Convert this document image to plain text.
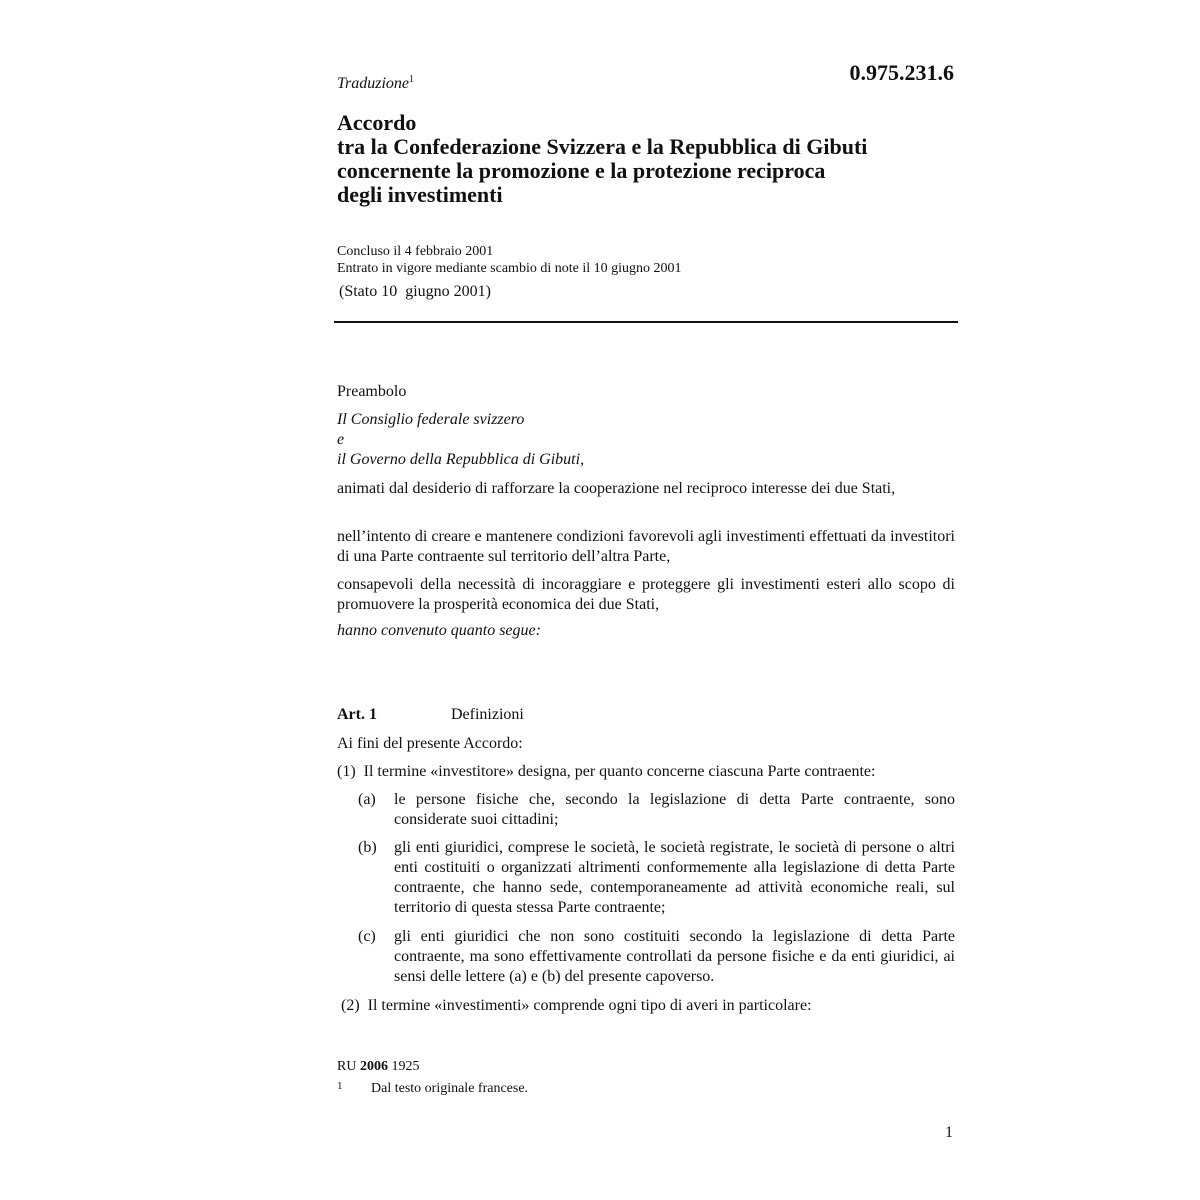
0.975.231.6
Traduzione$^1$
Accordo
tra la Confederazione Svizzera e la Repubblica di Gibuti
concernente la promozione e la protezione reciproca
degli investimenti
Concluso il 4 febbraio 2001
Entrato in vigore mediante scambio di note il 10 giugno 2001
(Stato 10  giugno 2001)
Preambolo
Il Consiglio federale svizzero
e
il Governo della Repubblica di Gibuti,
animati dal desiderio di rafforzare la cooperazione nel reciproco interesse dei due Stati,
nell’intento di creare e mantenere condizioni favorevoli agli investimenti effettuati da investitori di una Parte contraente sul territorio dell’altra Parte,
consapevoli della necessità di incoraggiare e proteggere gli investimenti esteri allo scopo di promuovere la prosperità economica dei due Stati,
hanno convenuto quanto segue:
Art. 1	Definizioni
Ai fini del presente Accordo:
(1)  Il termine «investitore» designa, per quanto concerne ciascuna Parte contraente:
(a) le persone fisiche che, secondo la legislazione di detta Parte contraente, sono considerate suoi cittadini;
(b) gli enti giuridici, comprese le società, le società registrate, le società di persone o altri enti costituiti o organizzati altrimenti conformemente alla legislazione di detta Parte contraente, che hanno sede, contemporaneamente ad attività economiche reali, sul territorio di questa stessa Parte contraente;
(c) gli enti giuridici che non sono costituiti secondo la legislazione di detta Parte contraente, ma sono effettivamente controllati da persone fisiche e da enti giuridici, ai sensi delle lettere (a) e (b) del presente capoverso.
(2)  Il termine «investimenti» comprende ogni tipo di averi in particolare:
RU 2006 1925
1 Dal testo originale francese.
1
